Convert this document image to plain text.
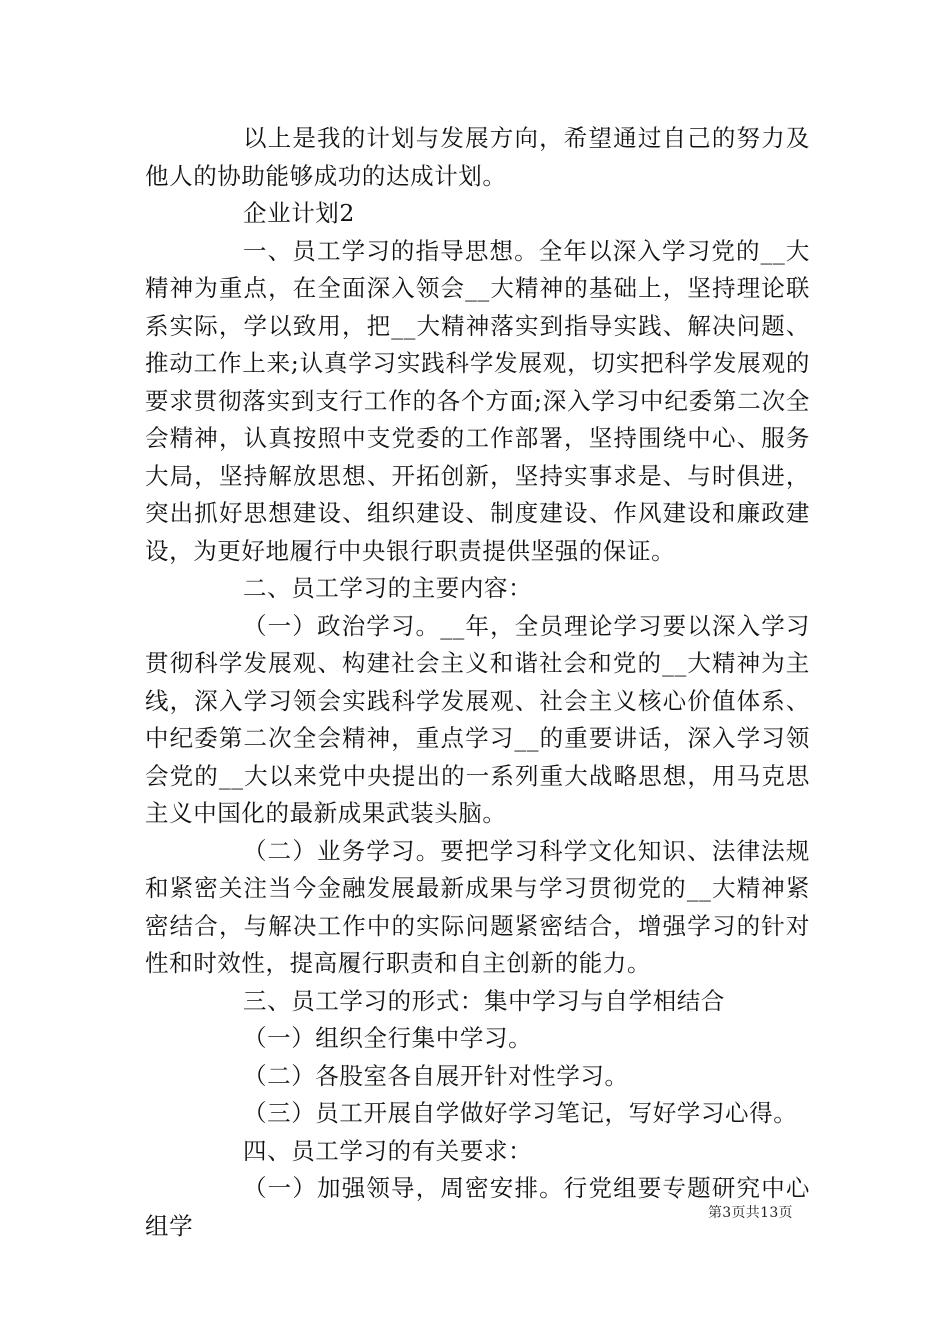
以上是我的计划与发展方向，希望通过自己的努力及他人的协助能够成功的达成计划。

企业计划2

一、员工学习的指导思想。全年以深入学习党的__大精神为重点，在全面深入领会__大精神的基础上，坚持理论联系实际，学以致用，把__大精神落实到指导实践、解决问题、推动工作上来;认真学习实践科学发展观，切实把科学发展观的要求贯彻落实到支行工作的各个方面;深入学习中纪委第二次全会精神，认真按照中支党委的工作部署，坚持围绕中心、服务大局，坚持解放思想、开拓创新，坚持实事求是、与时俱进，突出抓好思想建设、组织建设、制度建设、作风建设和廉政建设，为更好地履行中央银行职责提供坚强的保证。

二、员工学习的主要内容：

（一）政治学习。__年，全员理论学习要以深入学习贯彻科学发展观、构建社会主义和谐社会和党的__大精神为主线，深入学习领会实践科学发展观、社会主义核心价值体系、中纪委第二次全会精神，重点学习__的重要讲话，深入学习领会党的__大以来党中央提出的一系列重大战略思想，用马克思主义中国化的最新成果武装头脑。

（二）业务学习。要把学习科学文化知识、法律法规和紧密关注当今金融发展最新成果与学习贯彻党的__大精神紧密结合，与解决工作中的实际问题紧密结合，增强学习的针对性和时效性，提高履行职责和自主创新的能力。

三、员工学习的形式：集中学习与自学相结合

（一）组织全行集中学习。

（二）各股室各自展开针对性学习。

（三）员工开展自学做好学习笔记，写好学习心得。

四、员工学习的有关要求：

（一）加强领导，周密安排。行党组要专题研究中心组学	第3页共13页
